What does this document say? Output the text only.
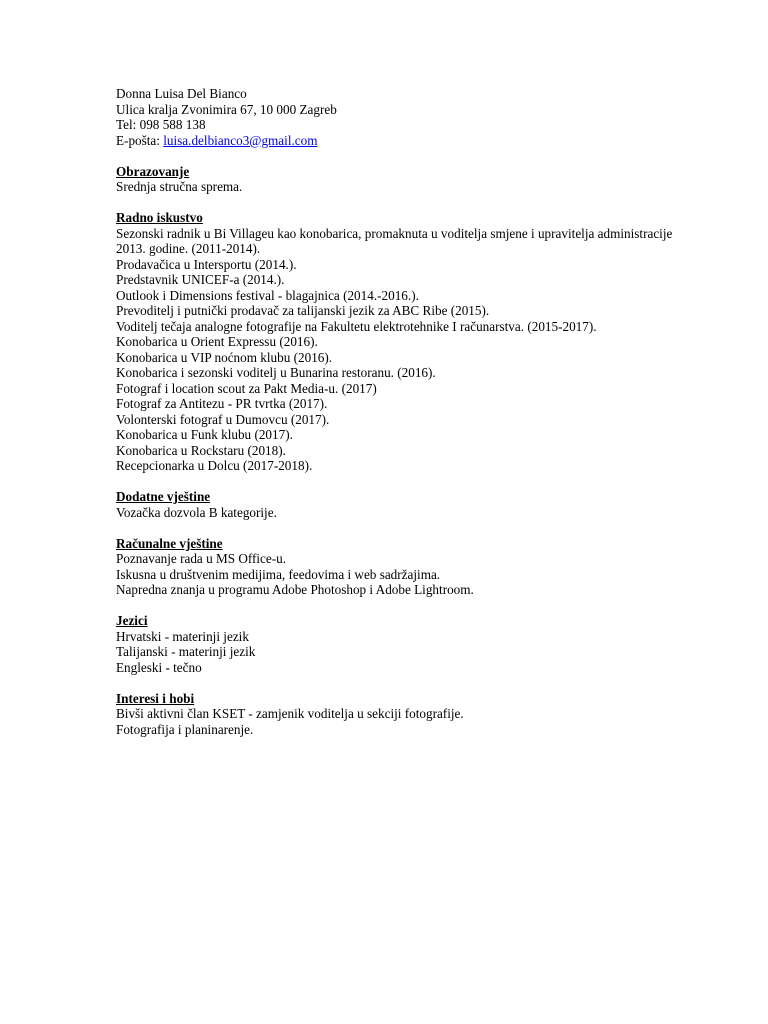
Donna Luisa Del Bianco
Ulica kralja Zvonimira 67, 10 000 Zagreb
Tel: 098 588 138
E-pošta: luisa.delbianco3@gmail.com
Obrazovanje
Srednja stručna sprema.
Radno iskustvo
Sezonski radnik u Bi Villageu kao konobarica, promaknuta u voditelja smjene i upravitelja administracije 2013. godine. (2011-2014).
Prodavačica u Intersportu (2014.).
Predstavnik UNICEF-a (2014.).
Outlook i Dimensions festival - blagajnica (2014.-2016.).
Prevoditelj i putnički prodavač za talijanski jezik za ABC Ribe (2015).
Voditelj tečaja analogne fotografije na Fakultetu elektrotehnike I računarstva. (2015-2017).
Konobarica u Orient Expressu (2016).
Konobarica u VIP noćnom klubu (2016).
Konobarica i sezonski voditelj u Bunarina restoranu. (2016).
Fotograf i location scout za Pakt Media-u. (2017)
Fotograf za Antitezu - PR tvrtka (2017).
Volonterski fotograf u Dumovcu (2017).
Konobarica u Funk klubu (2017).
Konobarica u Rockstaru (2018).
Recepcionarka u Dolcu (2017-2018).
Dodatne vještine
Vozačka dozvola B kategorije.
Računalne vještine
Poznavanje rada u MS Office-u.
Iskusna u društvenim medijima, feedovima i web sadržajima.
Napredna znanja u programu Adobe Photoshop i Adobe Lightroom.
Jezici
Hrvatski - materinji jezik
Talijanski - materinji jezik
Engleski - tečno
Interesi i hobi
Bivši aktivni član KSET - zamjenik voditelja u sekciji fotografije.
Fotografija i planinarenje.
